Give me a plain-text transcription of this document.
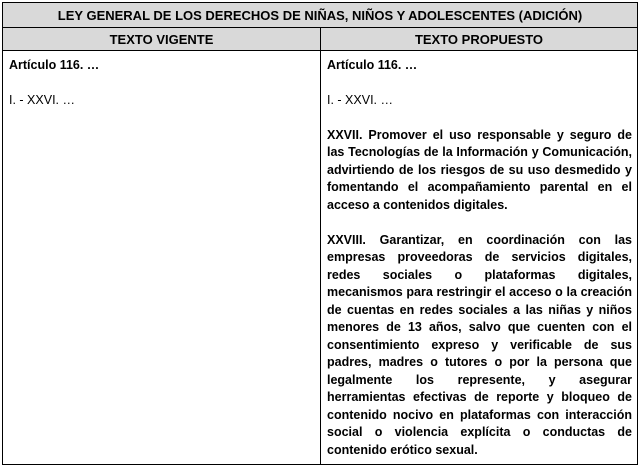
LEY GENERAL DE LOS DERECHOS DE NIÑAS, NIÑOS Y ADOLESCENTES (ADICIÓN)
TEXTO VIGENTE	TEXTO PROPUESTO
Artículo 116. …
I. - XXVI. …
Artículo 116. …
I. - XXVI. …
XXVII. Promover el uso responsable y seguro de las Tecnologías de la Información y Comunicación, advirtiendo de los riesgos de su uso desmedido y fomentando el acompañamiento parental en el acceso a contenidos digitales.
XXVIII. Garantizar, en coordinación con las empresas proveedoras de servicios digitales, redes sociales o plataformas digitales, mecanismos para restringir el acceso o la creación de cuentas en redes sociales a las niñas y niños menores de 13 años, salvo que cuenten con el consentimiento expreso y verificable de sus padres, madres o tutores o por la persona que legalmente los represente, y asegurar herramientas efectivas de reporte y bloqueo de contenido nocivo en plataformas con interacción social o violencia explícita o conductas de contenido erótico sexual.
